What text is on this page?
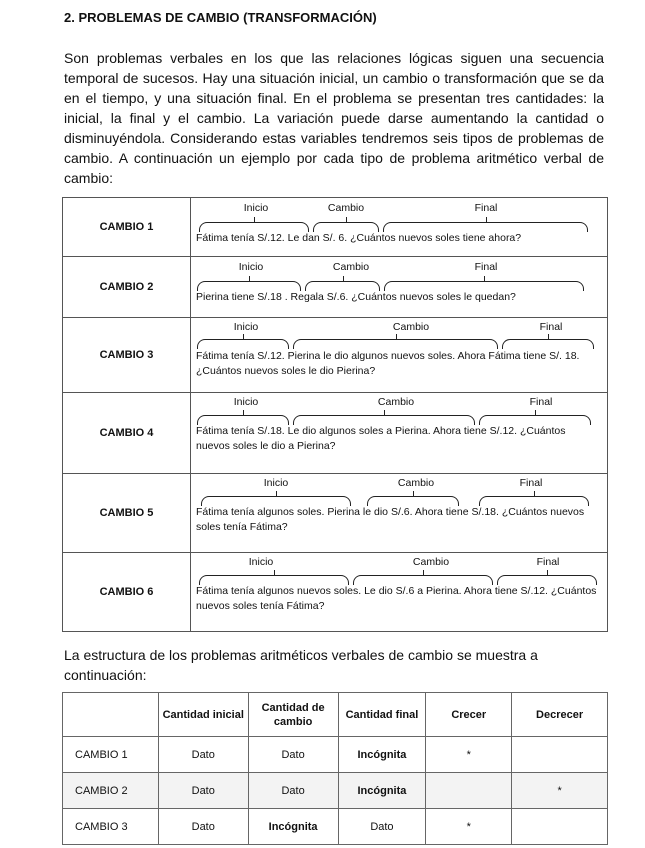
2. PROBLEMAS DE CAMBIO (TRANSFORMACIÓN)
Son problemas verbales en los que las relaciones lógicas siguen una secuencia temporal de sucesos. Hay una situación inicial, un cambio o transformación que se da en el tiempo, y una situación final. En el problema se presentan tres cantidades: la inicial, la final y el cambio. La variación puede darse aumentando la cantidad o disminuyéndola. Considerando estas variables tendremos seis tipos de problemas de cambio. A continuación un ejemplo por cada tipo de problema aritmético verbal de cambio:
CAMBIO 1	Inicio Cambio Final
Fátima tenía S/.12. Le dan S/. 6. ¿Cuántos nuevos soles tiene ahora?

CAMBIO 2	Inicio Cambio Final
Pierina tiene S/.18 . Regala S/.6. ¿Cuántos nuevos soles le quedan?

CAMBIO 3	Inicio Cambio Final
Fátima tenía S/.12. Pierina le dio algunos nuevos soles. Ahora Fátima tiene S/. 18. ¿Cuántos nuevos soles le dio Pierina?

CAMBIO 4	Inicio Cambio Final
Fátima tenía S/.18. Le dio algunos soles a Pierina. Ahora tiene S/.12. ¿Cuántos nuevos soles le dio a Pierina?

CAMBIO 5	Inicio Cambio Final
Fátima tenía algunos soles. Pierina le dio S/.6. Ahora tiene S/.18. ¿Cuántos nuevos soles tenía Fátima?

CAMBIO 6	Inicio Cambio Final
Fátima tenía algunos nuevos soles. Le dio S/.6 a Pierina. Ahora tiene S/.12. ¿Cuántos nuevos soles tenía Fátima?
La estructura de los problemas aritméticos verbales de cambio se muestra a continuación:
	Cantidad inicial	Cantidad de cambio	Cantidad final	Crecer	Decrecer
CAMBIO 1	Dato	Dato	Incógnita	*	
CAMBIO 2	Dato	Dato	Incógnita		*
CAMBIO 3	Dato	Incógnita	Dato	*	
